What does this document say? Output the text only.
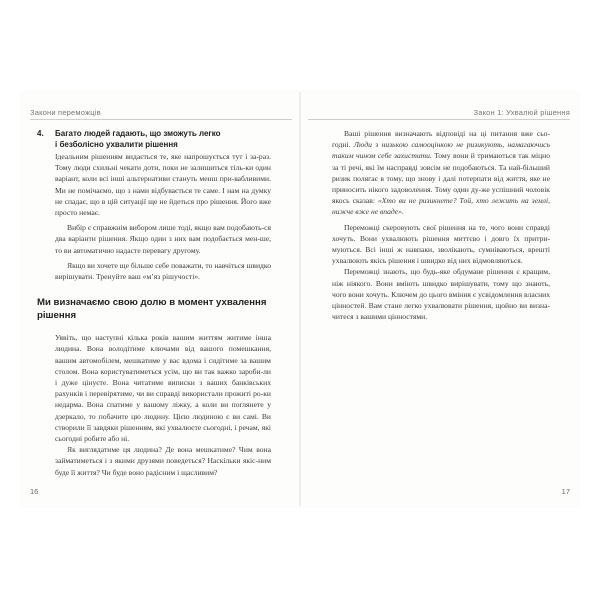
Закони переможців
4.	Багато людей гадають, що зможуть легко
і безболісно ухвалити рішення

Ідеальним рішенням видається те, яке напрошується тут і за-раз. Тому люди схильні чекати доти, поки не залишиться тіль-ки один варіант, коли всі інші альтернативи стануть менш при-вабливими. Ми не помічаємо, що з нами відбувається те саме. І нам на думку не спадає, що в цій ситуації ще не йдеться про рішення. Його вже просто немає.

Вибір є справжнім вибором лише тоді, якщо вам подобають-ся два варіанти рішення. Якщо один з них вам подобається мен-ше, то ви автоматично надасте перевагу другому.

Якщо ви хочете ще більше себе поважати, то навчіться швидко вирішувати. Тренуйте ваш «м’яз рішучості».

Ми визначаємо свою долю в момент ухвалення рішення

Уявіть, що наступні кілька років вашим життям житиме інша людина. Вона володітиме ключами від вашого помешкання, вашим автомобілем, мешкатиме у вас вдома і сидітиме за вашим столом. Вона користуватиметься усім, що ви так важко зароби-ли і дуже цінуєте. Вона читатиме виписки з ваших банківських рахунків і перевірятиме, чи ви справді використали прожиті ро-ки недарма. Вона спатиме у вашому ліжку, а коли ви поглянете у дзеркало, то побачите цю людину. Цією людиною є ви самі. Ви створили її завдяки рішенням, які ухвалюєте сьогодні, і речам, які сьогодні робите або ні.

Як виглядатиме ця людина? Де вона мешкатиме? Чим вона займатиметься і з якими друзями поведеться? Наскільки якіс-ним буде її життя? Чи буде воно радісним і щасливим?

16
Закон 1: Ухвалюй рішення

Ваші рішення визначають відповіді на ці питання вже сьо-годні. Люди з низькою самооцінкою не ризикують, намагаючись таким чином себе захистити. Тому вони й тримаються так міцно за ті речі, які їм насправді зовсім не подобаються. Та най-більший ризик полягає в тому, що знову і далі потерпати від життя, яке не приносить нікого задоволення. Тому один ду-же успішний чоловік якось сказав: «Хто ви не ризикнете? Той, хто лежить на землі, нижче вже не впаде».

Переможці скеровують свої рішення на те, чого вони справді хочуть. Вони ухвалюють рішення миттєво і довго їх притри-муються. Всі інші ж навпаки, зволікають, сумніваються, врешті ухвалюють якісь рішення і швидко від них відмовляються.

Переможці знають, що будь-яке обдумане рішення є кращим, ніж ніякого. Вони вміють швидко вирішувати, тому що знають, чого вони хочуть. Ключем до цього вміння є усвідомлення власних цінностей. Вам стане легко ухвалювати рішення, щойно ви визна-читеся з вашими цінностями.

17
